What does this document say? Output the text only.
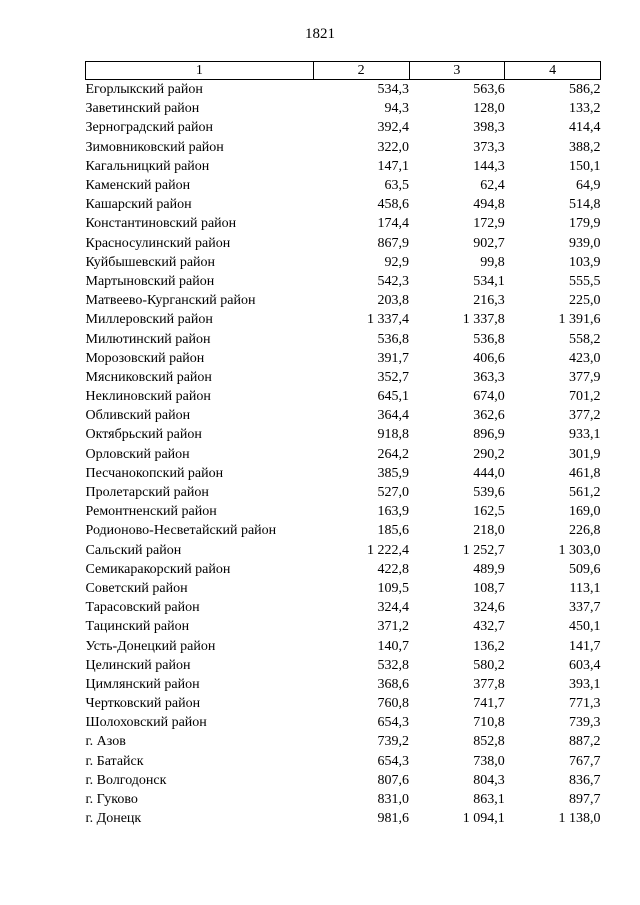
1821
1	2	3	4
Егорлыкский район	534,3	563,6	586,2
Заветинский район	94,3	128,0	133,2
Зерноградский район	392,4	398,3	414,4
Зимовниковский район	322,0	373,3	388,2
Кагальницкий район	147,1	144,3	150,1
Каменский район	63,5	62,4	64,9
Кашарский район	458,6	494,8	514,8
Константиновский район	174,4	172,9	179,9
Красносулинский район	867,9	902,7	939,0
Куйбышевский район	92,9	99,8	103,9
Мартыновский район	542,3	534,1	555,5
Матвеево-Курганский район	203,8	216,3	225,0
Миллеровский район	1 337,4	1 337,8	1 391,6
Милютинский район	536,8	536,8	558,2
Морозовский район	391,7	406,6	423,0
Мясниковский район	352,7	363,3	377,9
Неклиновский район	645,1	674,0	701,2
Обливский район	364,4	362,6	377,2
Октябрьский район	918,8	896,9	933,1
Орловский район	264,2	290,2	301,9
Песчанокопский район	385,9	444,0	461,8
Пролетарский район	527,0	539,6	561,2
Ремонтненский район	163,9	162,5	169,0
Родионово-Несветайский район	185,6	218,0	226,8
Сальский район	1 222,4	1 252,7	1 303,0
Семикаракорский район	422,8	489,9	509,6
Советский район	109,5	108,7	113,1
Тарасовский район	324,4	324,6	337,7
Тацинский район	371,2	432,7	450,1
Усть-Донецкий район	140,7	136,2	141,7
Целинский район	532,8	580,2	603,4
Цимлянский район	368,6	377,8	393,1
Чертковский район	760,8	741,7	771,3
Шолоховский район	654,3	710,8	739,3
г. Азов	739,2	852,8	887,2
г. Батайск	654,3	738,0	767,7
г. Волгодонск	807,6	804,3	836,7
г. Гуково	831,0	863,1	897,7
г. Донецк	981,6	1 094,1	1 138,0
